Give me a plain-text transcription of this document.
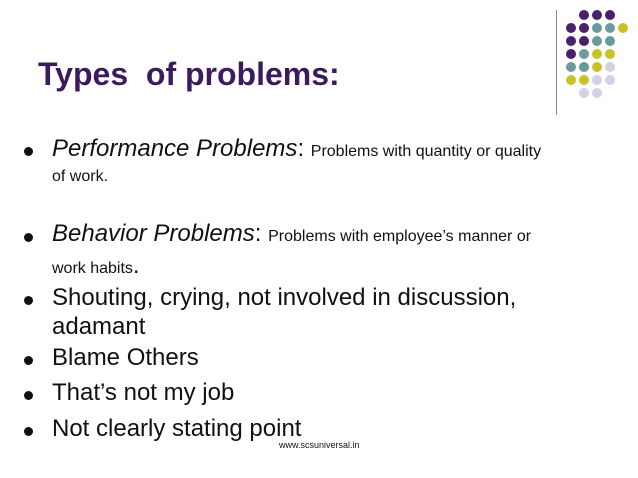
Types  of problems:
Performance Problems: Problems with quantity or quality
of work.
Behavior Problems: Problems with employee’s manner or
work habits.
Shouting, crying, not involved in discussion,
adamant
Blame Others
That’s not my job
Not clearly stating point
www.scsuniversal.in
